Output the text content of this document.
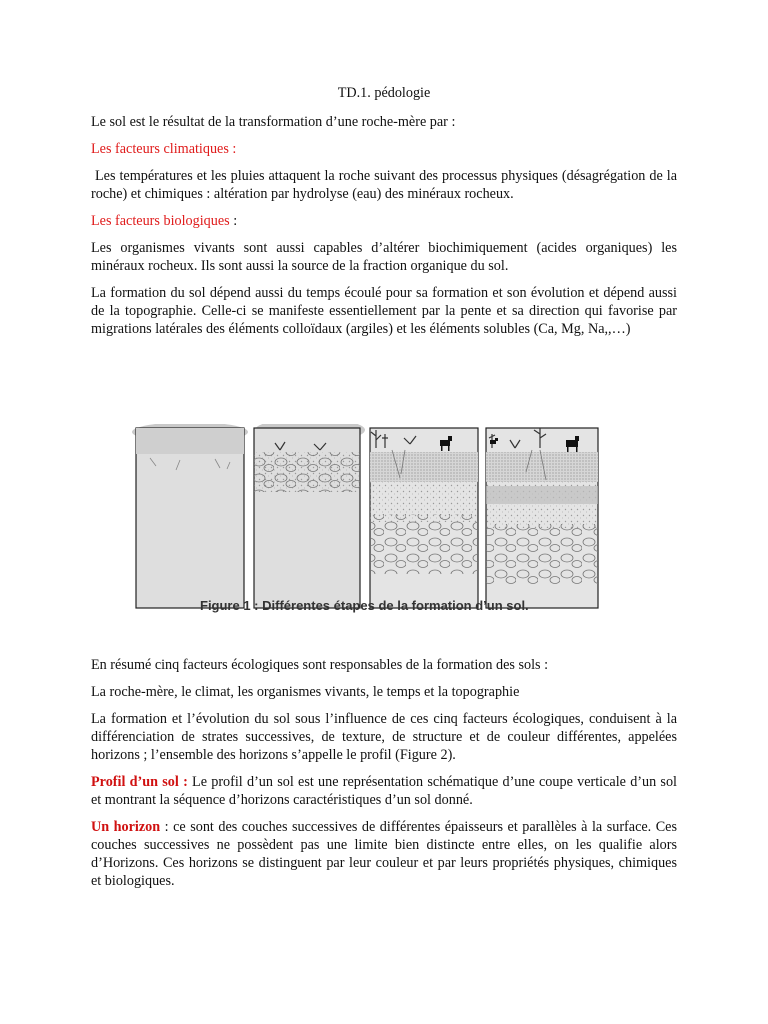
TD.1. pédologie

Le sol est le résultat de la transformation d’une roche-mère par :

Les facteurs climatiques :

Les températures et les pluies attaquent la roche suivant des processus physiques (désagrégation de la roche) et chimiques : altération par hydrolyse (eau) des minéraux rocheux.

Les facteurs biologiques :

Les organismes vivants sont aussi capables d’altérer biochimiquement (acides organiques) les minéraux rocheux. Ils sont aussi la source de la fraction organique du sol.

La formation du sol dépend aussi du temps écoulé pour sa formation et son évolution et dépend aussi de la topographie. Celle-ci se manifeste essentiellement par la pente et sa direction qui favorise par migrations latérales des éléments colloïdaux (argiles) et les éléments solubles (Ca, Mg, Na,,…)

Figure 1 : Différentes étapes de la formation d’un sol.

En résumé cinq facteurs écologiques sont responsables de la formation des sols :

La roche-mère, le climat, les organismes vivants, le temps et la topographie

La formation et l’évolution du sol sous l’influence de ces cinq facteurs écologiques, conduisent à la différenciation de strates successives, de texture, de structure et de couleur différentes, appelées horizons ; l’ensemble des horizons s’appelle le profil (Figure 2).

Profil d’un sol : Le profil d’un sol est une représentation schématique d’une coupe verticale d’un sol et montrant la séquence d’horizons caractéristiques d’un sol donné.

Un horizon : ce sont des couches successives de différentes épaisseurs et parallèles à la surface. Ces couches successives ne possèdent pas une limite bien distincte entre elles, on les qualifie alors d’Horizons. Ces horizons se distinguent par leur couleur et par leurs propriétés physiques, chimiques et biologiques.
